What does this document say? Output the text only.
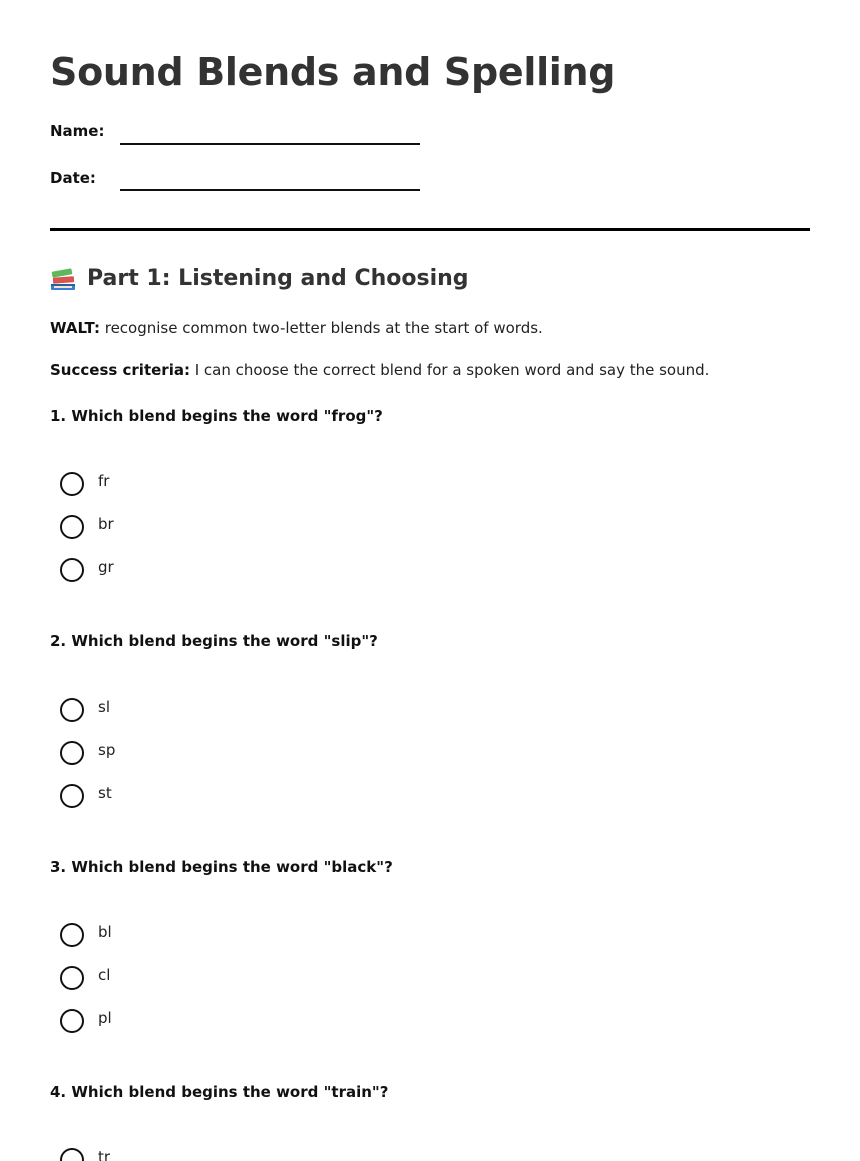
Sound Blends and Spelling
Name:
Date:
Part 1: Listening and Choosing

WALT: recognise common two-letter blends at the start of words.

Success criteria: I can choose the correct blend for a spoken word and say the sound.

1. Which blend begins the word "frog"?
fr
br
gr
2. Which blend begins the word "slip"?
sl
sp
st
3. Which blend begins the word "black"?
bl
cl
pl
4. Which blend begins the word "train"?
tr
